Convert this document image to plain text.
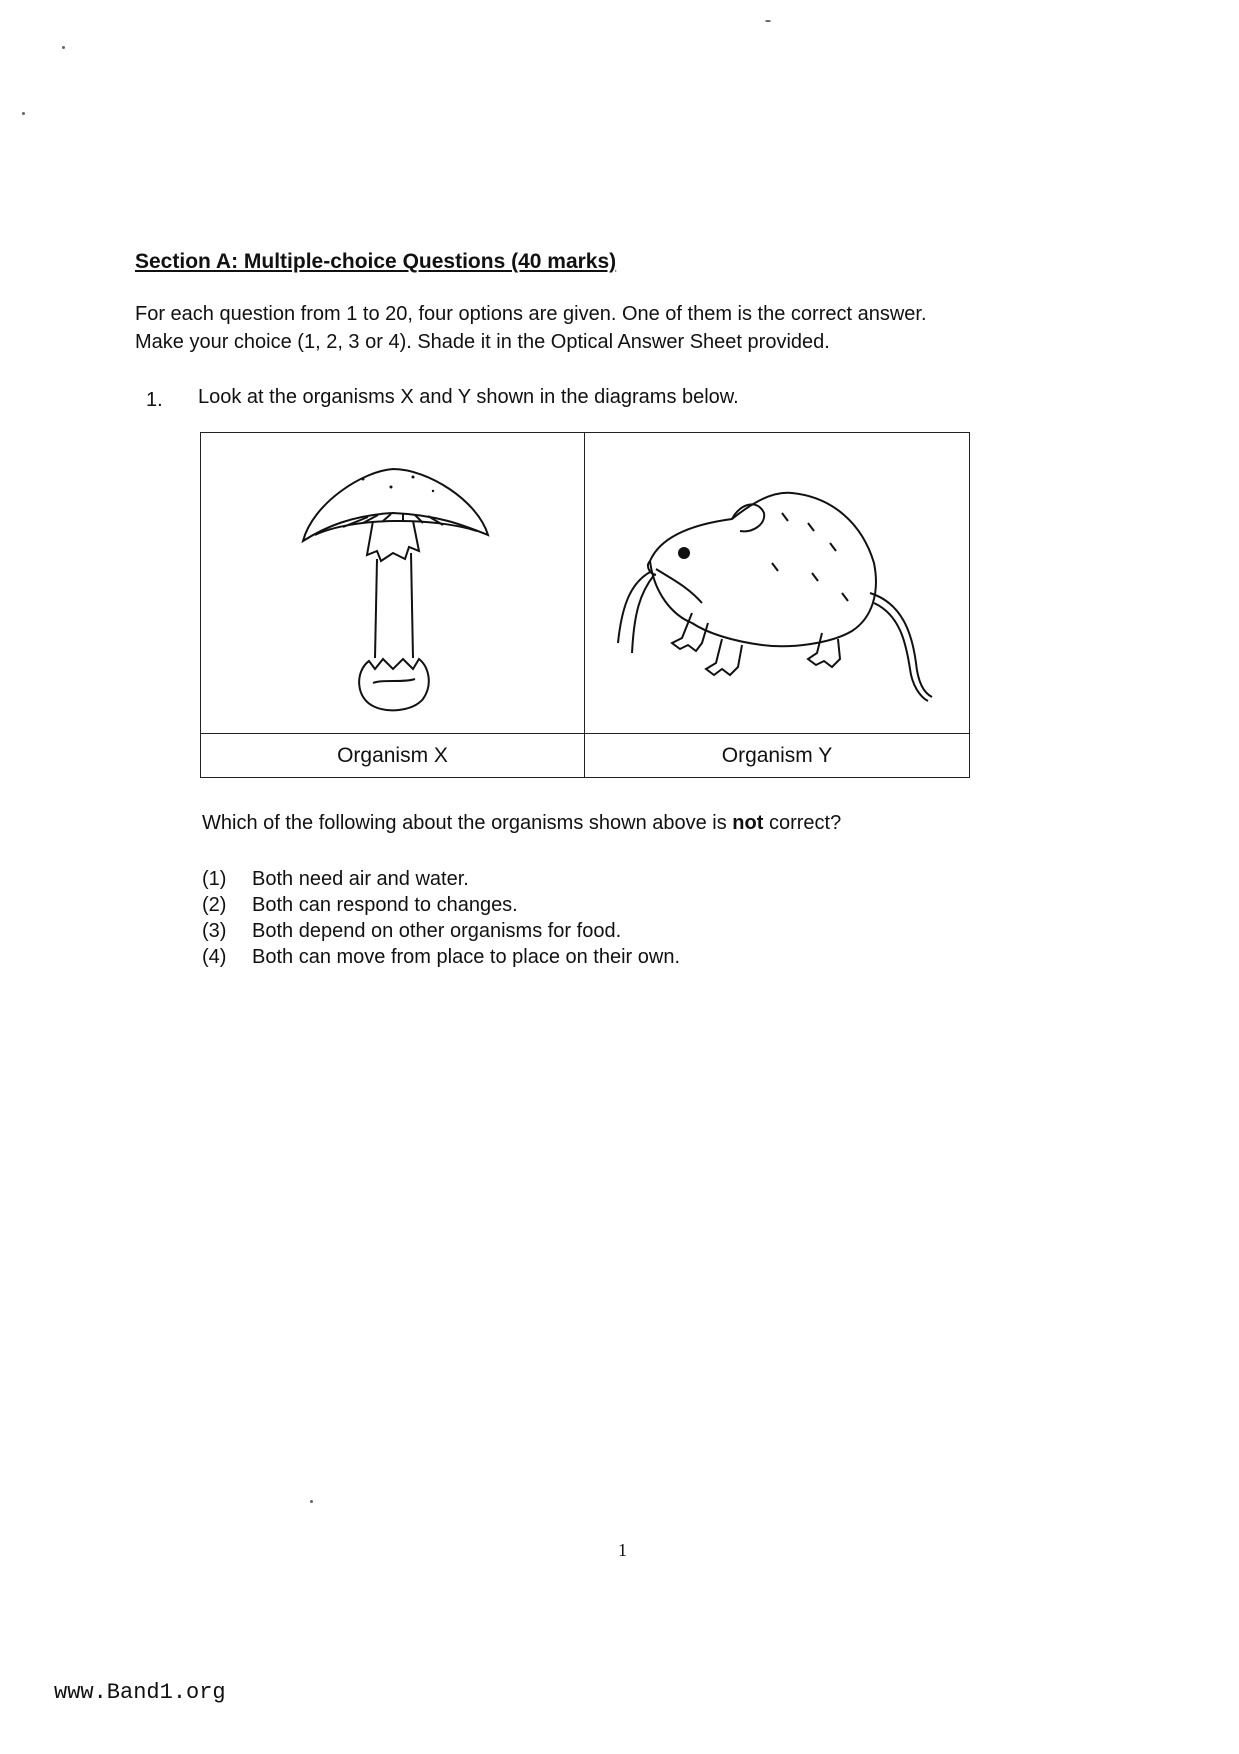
Section A: Multiple-choice Questions (40 marks)
For each question from 1 to 20, four options are given. One of them is the correct answer.
Make your choice (1, 2, 3 or 4). Shade it in the Optical Answer Sheet provided.
1. Look at the organisms X and Y shown in the diagrams below.
Organism X	Organism Y
Which of the following about the organisms shown above is not correct?
(1)	Both need air and water.
(2)	Both can respond to changes.
(3)	Both depend on other organisms for food.
(4)	Both can move from place to place on their own.
1
www.Band1.org
